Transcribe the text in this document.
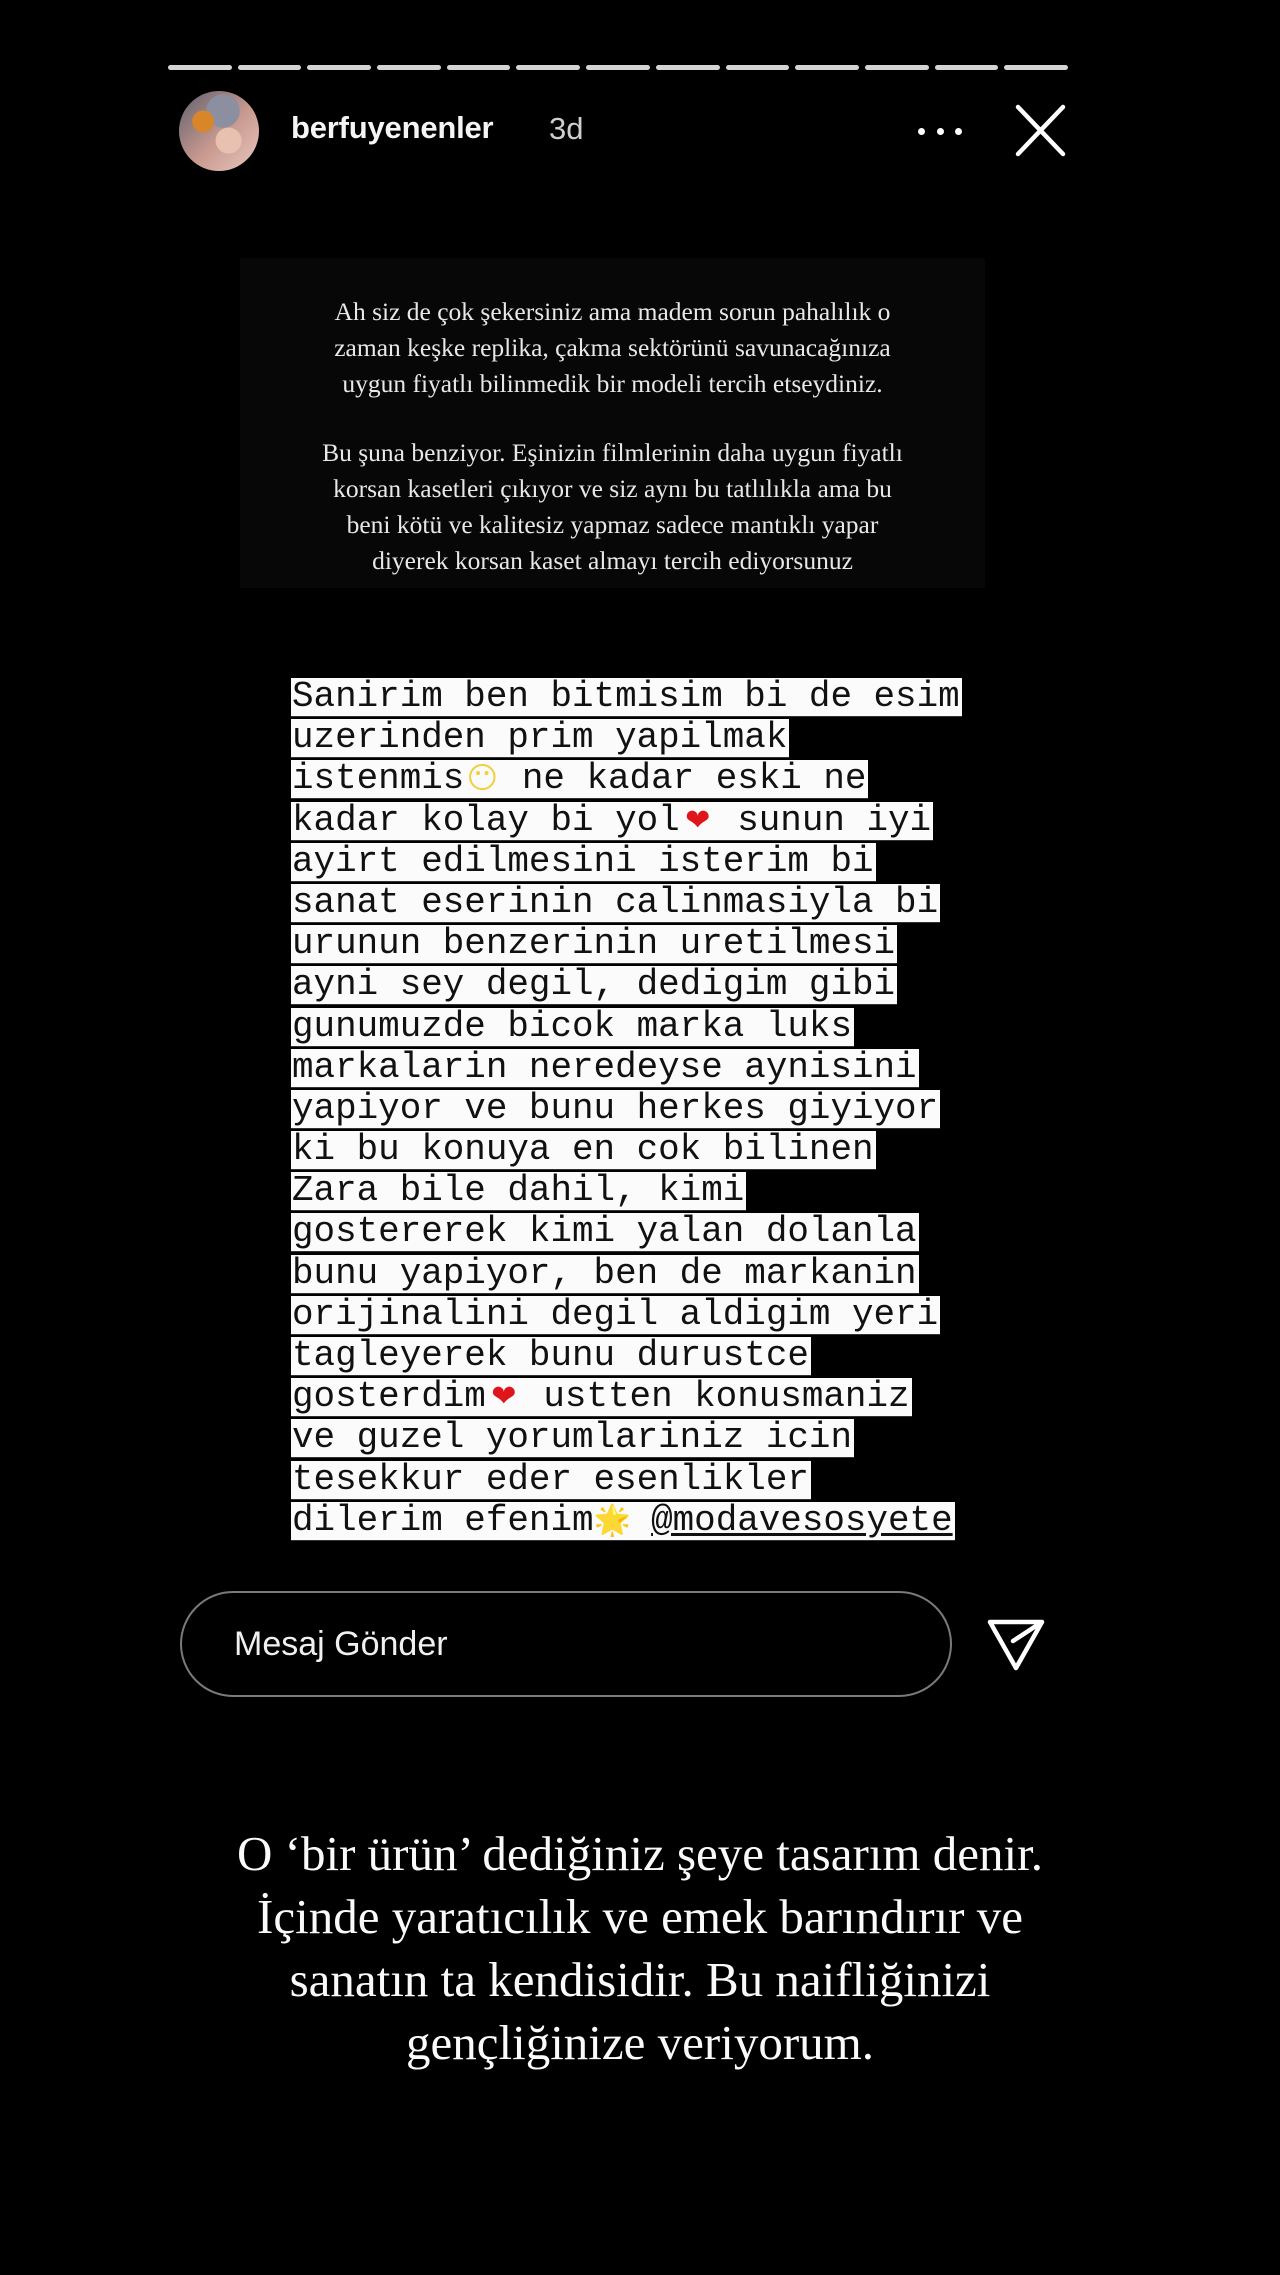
berfuyenenler 3d

Ah siz de çok şekersiniz ama madem sorun pahalılık o

zaman keşke replika, çakma sektörünü savunacağınıza

uygun fiyatlı bilinmedik bir modeli tercih etseydiniz.

Bu şuna benziyor. Eşinizin filmlerinin daha uygun fiyatlı

korsan kasetleri çıkıyor ve siz aynı bu tatlılıkla ama bu

beni kötü ve kalitesiz yapmaz sadece mantıklı yapar

diyerek korsan kaset almayı tercih ediyorsunuz

Sanirim ben bitmisim bi de esim
uzerinden prim yapilmak
istenmis😶 ne kadar eski ne
kadar kolay bi yol ❤ sunun iyi
ayirt edilmesini isterim bi
sanat eserinin calinmasiyla bi
urunun benzerinin uretilmesi
ayni sey degil, dedigim gibi
gunumuzde bicok marka luks
markalarin neredeyse aynisini
yapiyor ve bunu herkes giyiyor
ki bu konuya en cok bilinen
Zara bile dahil, kimi
gostererek kimi yalan dolanla
bunu yapiyor, ben de markanin
orijinalini degil aldigim yeri
tagleyerek bunu durustce
gosterdim ❤ ustten konusmaniz
ve guzel yorumlariniz icin
tesekkur eder esenlikler
dilerim efenim🌟 @modavesosyete
Mesaj Gönder

O ‘bir ürün’ dediğiniz şeye tasarım denir.

İçinde yaratıcılık ve emek barındırır ve

sanatın ta kendisidir. Bu naifliğinizi

gençliğinize veriyorum.
